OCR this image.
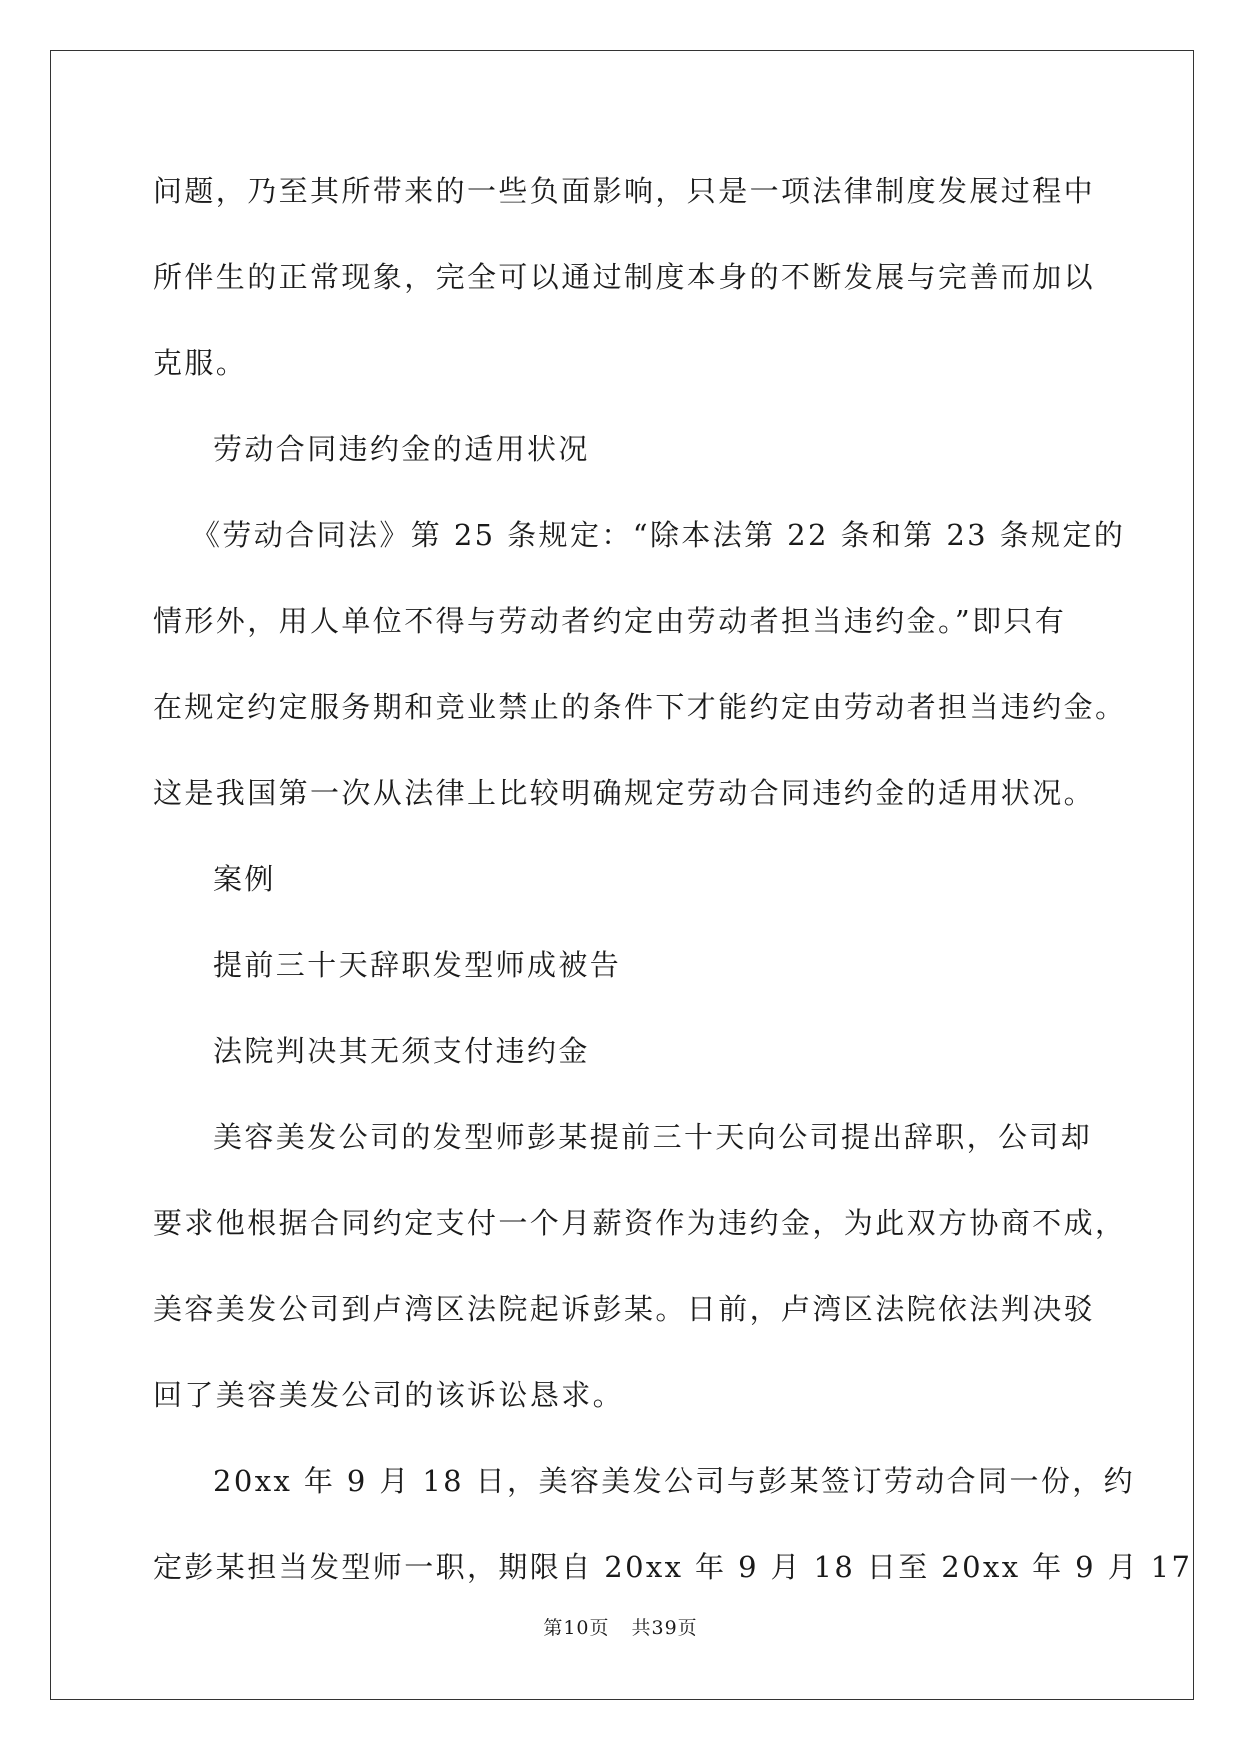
问题，乃至其所带来的一些负面影响，只是一项法律制度发展过程中
所伴生的正常现象，完全可以通过制度本身的不断发展与完善而加以
克服。
劳动合同违约金的适用状况
《劳动合同法》第 25 条规定：“除本法第 22 条和第 23 条规定的
情形外，用人单位不得与劳动者约定由劳动者担当违约金。”即只有
在规定约定服务期和竞业禁止的条件下才能约定由劳动者担当违约金。
这是我国第一次从法律上比较明确规定劳动合同违约金的适用状况。
案例
提前三十天辞职发型师成被告
法院判决其无须支付违约金
美容美发公司的发型师彭某提前三十天向公司提出辞职，公司却
要求他根据合同约定支付一个月薪资作为违约金，为此双方协商不成，
美容美发公司到卢湾区法院起诉彭某。日前，卢湾区法院依法判决驳
回了美容美发公司的该诉讼恳求。
20xx 年 9 月 18 日，美容美发公司与彭某签订劳动合同一份，约
定彭某担当发型师一职，期限自 20xx 年 9 月 18 日至 20xx 年 9 月 17
第10页 共39页
